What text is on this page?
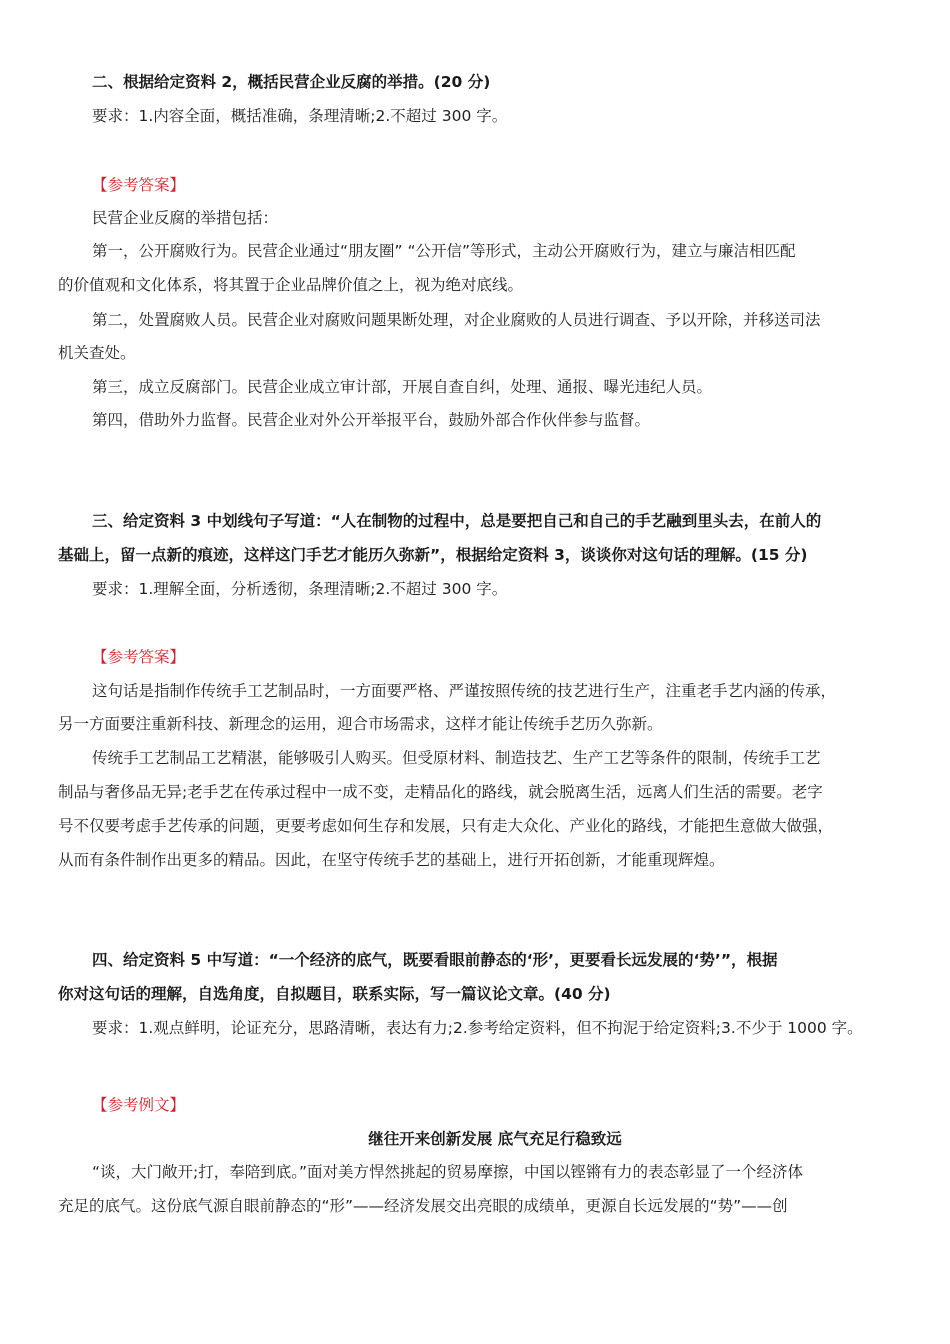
二、根据给定资料 2，概括民营企业反腐的举措。(20 分)
要求：1.内容全面，概括准确，条理清晰;2.不超过 300 字。
【参考答案】
民营企业反腐的举措包括：
第一，公开腐败行为。民营企业通过“朋友圈” “公开信”等形式，主动公开腐败行为，建立与廉洁相匹配
的价值观和文化体系，将其置于企业品牌价值之上，视为绝对底线。
第二，处置腐败人员。民营企业对腐败问题果断处理，对企业腐败的人员进行调查、予以开除，并移送司法
机关查处。
第三，成立反腐部门。民营企业成立审计部，开展自查自纠，处理、通报、曝光违纪人员。
第四，借助外力监督。民营企业对外公开举报平台，鼓励外部合作伙伴参与监督。
三、给定资料 3 中划线句子写道：“人在制物的过程中，总是要把自己和自己的手艺融到里头去，在前人的
基础上，留一点新的痕迹，这样这门手艺才能历久弥新”，根据给定资料 3，谈谈你对这句话的理解。(15 分)
要求：1.理解全面，分析透彻，条理清晰;2.不超过 300 字。
【参考答案】
这句话是指制作传统手工艺制品时，一方面要严格、严谨按照传统的技艺进行生产，注重老手艺内涵的传承，
另一方面要注重新科技、新理念的运用，迎合市场需求，这样才能让传统手艺历久弥新。
传统手工艺制品工艺精湛，能够吸引人购买。但受原材料、制造技艺、生产工艺等条件的限制，传统手工艺
制品与奢侈品无异;老手艺在传承过程中一成不变，走精品化的路线，就会脱离生活，远离人们生活的需要。老字
号不仅要考虑手艺传承的问题，更要考虑如何生存和发展，只有走大众化、产业化的路线，才能把生意做大做强，
从而有条件制作出更多的精品。因此，在坚守传统手艺的基础上，进行开拓创新，才能重现辉煌。
四、给定资料 5 中写道：“一个经济的底气，既要看眼前静态的‘形’，更要看长远发展的‘势’”，根据
你对这句话的理解，自选角度，自拟题目，联系实际，写一篇议论文章。(40 分)
要求：1.观点鲜明，论证充分，思路清晰，表达有力;2.参考给定资料，但不拘泥于给定资料;3.不少于 1000 字。
【参考例文】
继往开来创新发展 底气充足行稳致远
“谈，大门敞开;打，奉陪到底。”面对美方悍然挑起的贸易摩擦，中国以铿锵有力的表态彰显了一个经济体
充足的底气。这份底气源自眼前静态的“形”——经济发展交出亮眼的成绩单，更源自长远发展的“势”——创
